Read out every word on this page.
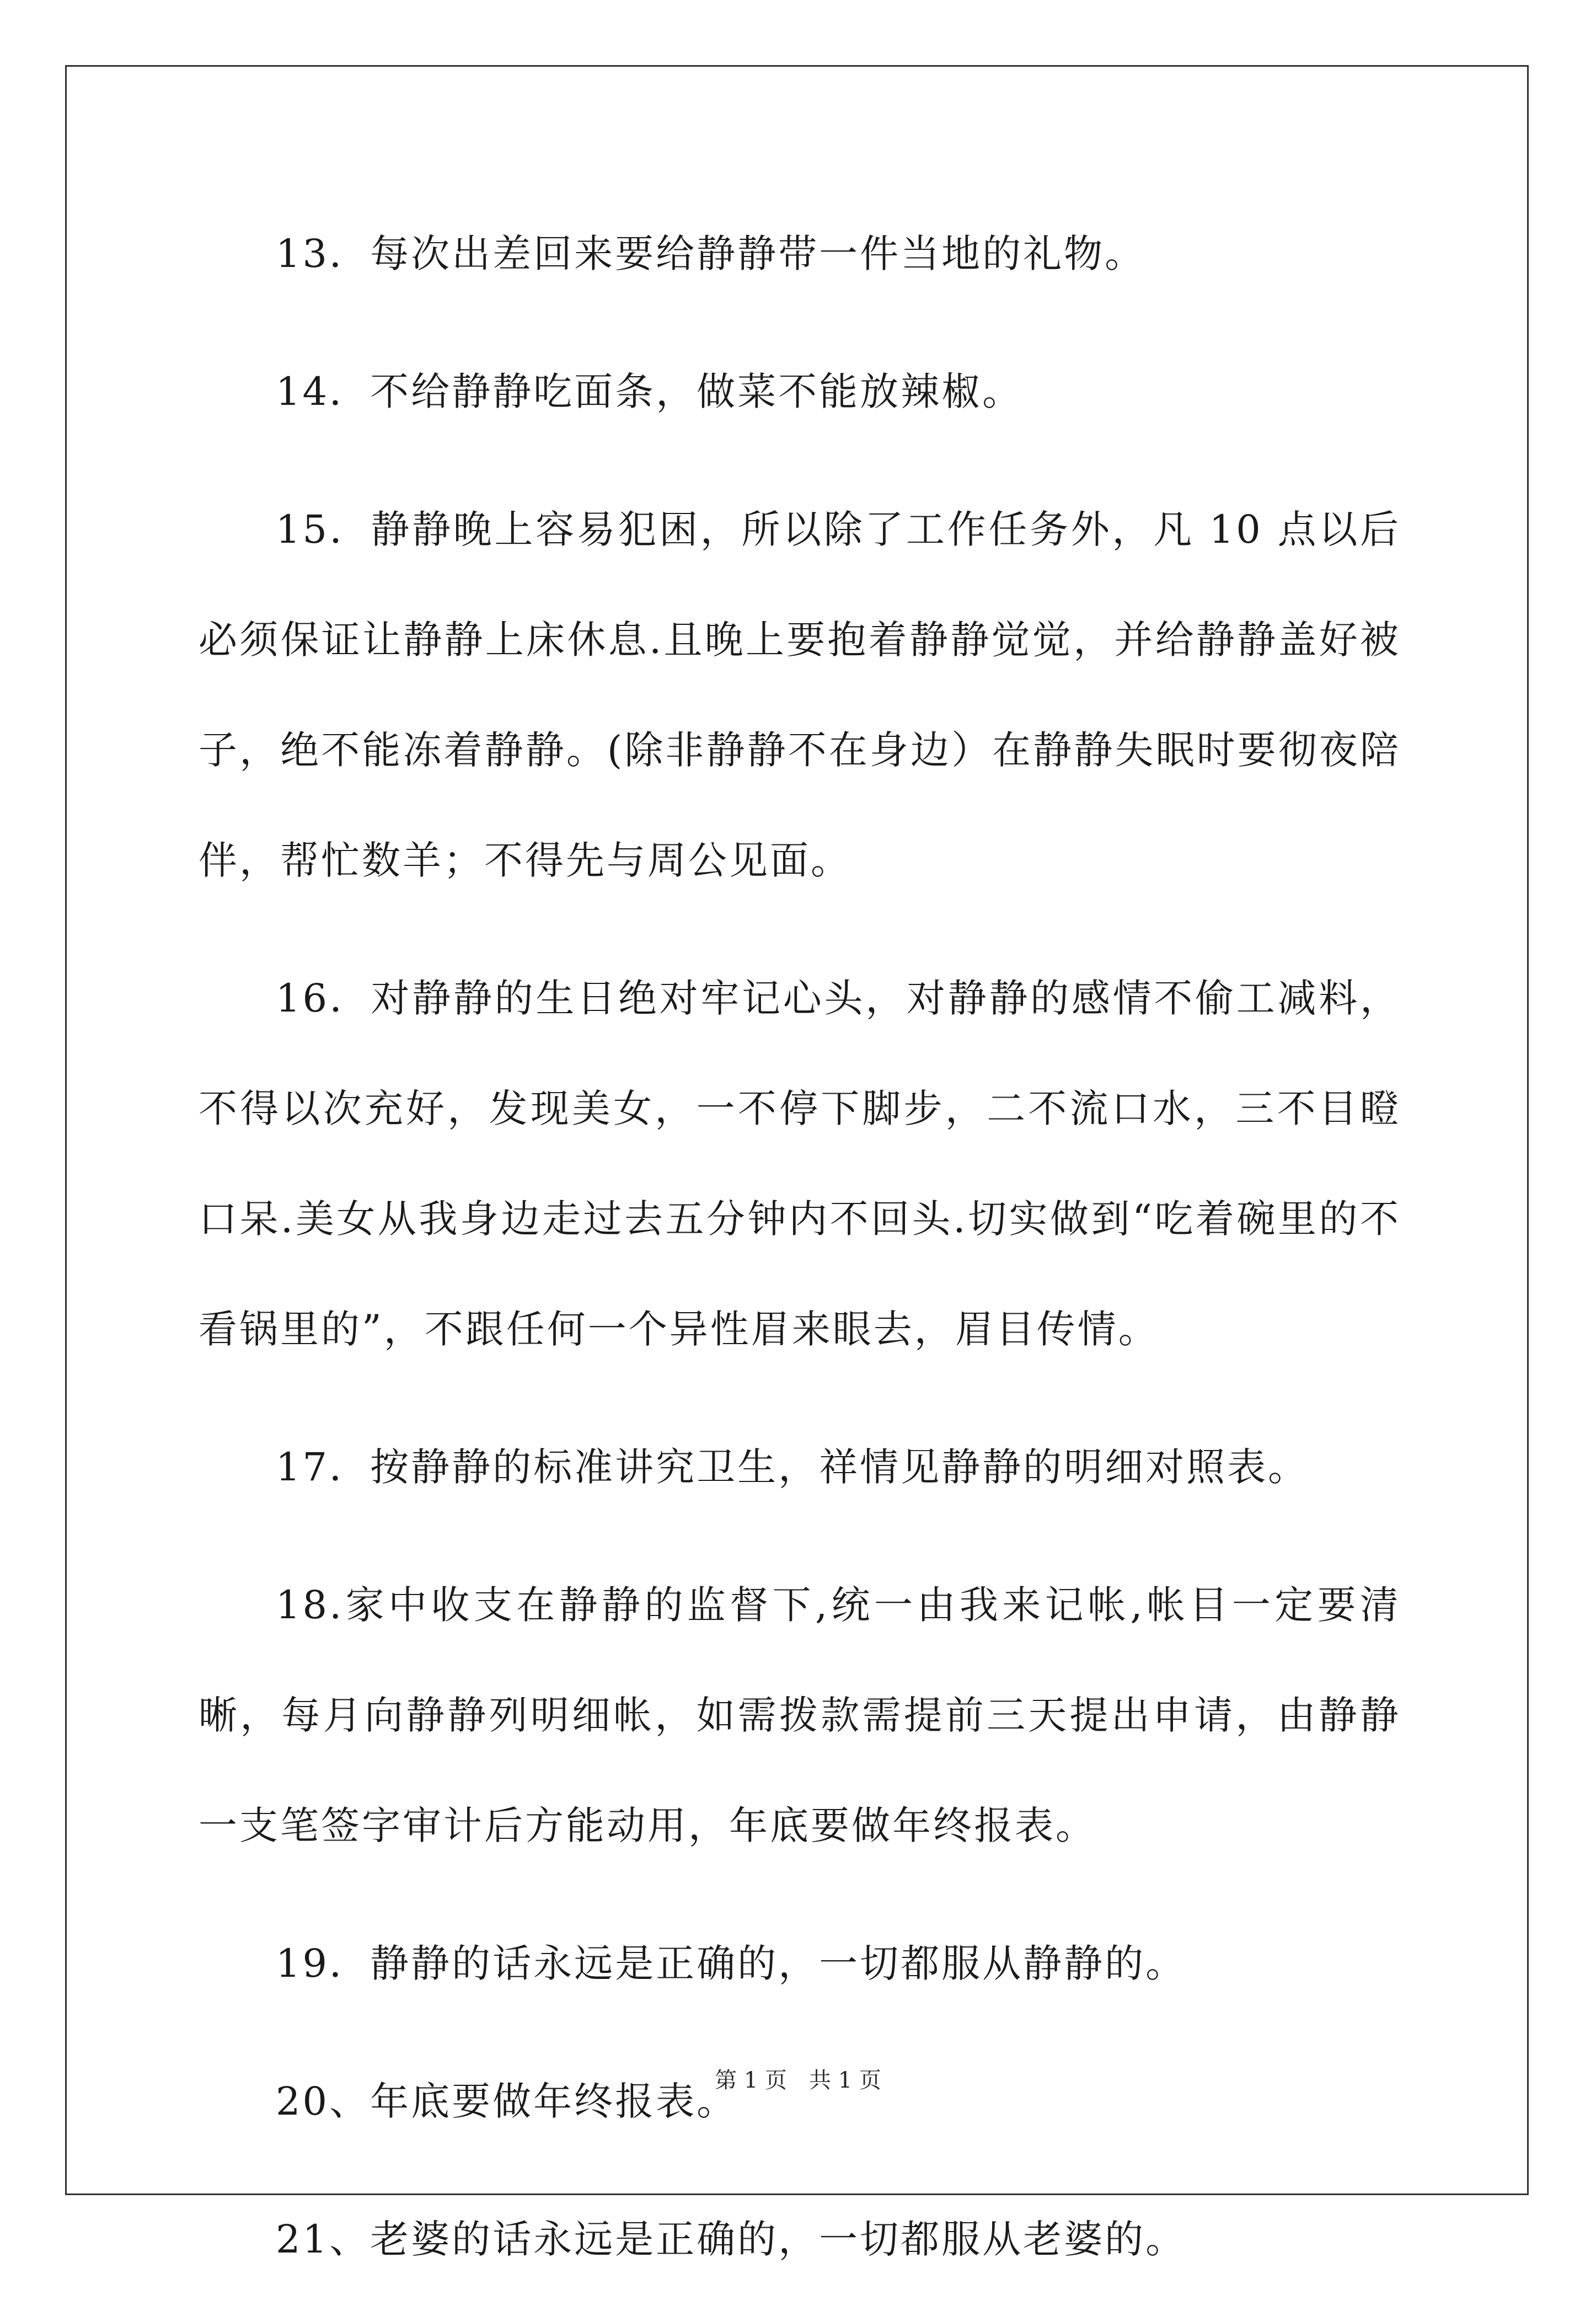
13．每次出差回来要给静静带一件当地的礼物。

14．不给静静吃面条，做菜不能放辣椒。

15．静静晚上容易犯困，所以除了工作任务外，凡 10 点以后必须保证让静静上床休息.且晚上要抱着静静觉觉，并给静静盖好被子，绝不能冻着静静。(除非静静不在身边）在静静失眠时要彻夜陪伴，帮忙数羊；不得先与周公见面。

16．对静静的生日绝对牢记心头，对静静的感情不偷工减料，不得以次充好，发现美女，一不停下脚步，二不流口水，三不目瞪口呆.美女从我身边走过去五分钟内不回头.切实做到“吃着碗里的不看锅里的”，不跟任何一个异性眉来眼去，眉目传情。

17．按静静的标准讲究卫生，祥情见静静的明细对照表。

18.家中收支在静静的监督下,统一由我来记帐,帐目一定要清晰，每月向静静列明细帐，如需拨款需提前三天提出申请，由静静一支笔签字审计后方能动用，年底要做年终报表。

19．静静的话永远是正确的，一切都服从静静的。

20、年底要做年终报表。

21、老婆的话永远是正确的，一切都服从老婆的。

第 1 页　共 1 页
